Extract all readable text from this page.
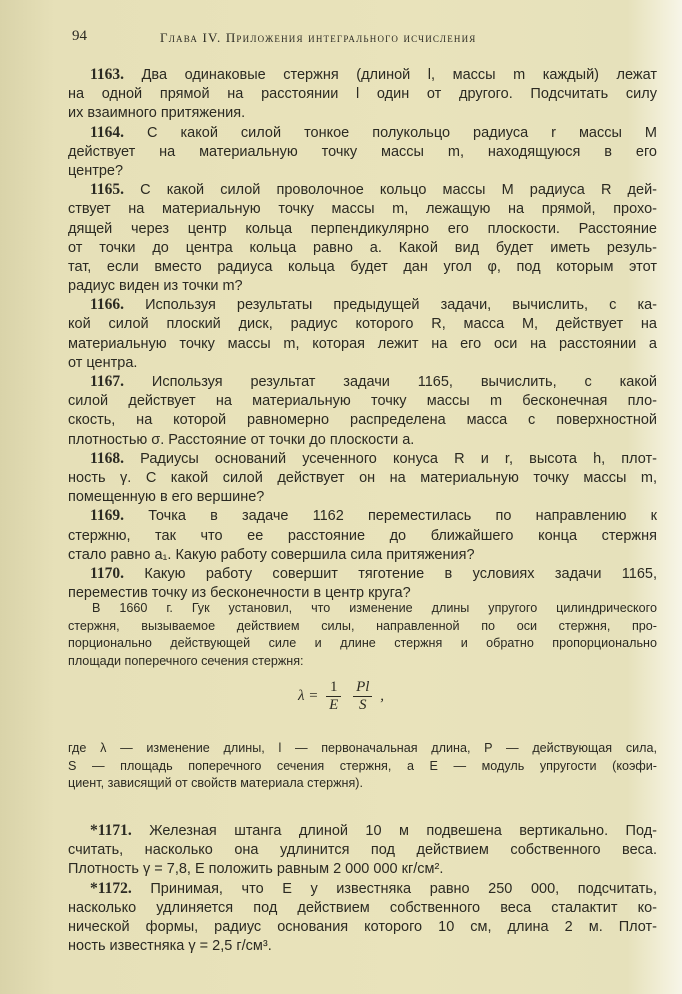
94	Глава IV. Приложения интегрального исчисления
1163. Два одинаковые стержня (длиной l, массы m каждый) лежат
на одной прямой на расстоянии l один от другого. Подсчитать силу
их взаимного притяжения.
1164. С какой силой тонкое полукольцо радиуса r массы M
действует на материальную точку массы m, находящуюся в его
центре?
1165. С какой силой проволочное кольцо массы M радиуса R дей-
ствует на материальную точку массы m, лежащую на прямой, прохо-
дящей через центр кольца перпендикулярно его плоскости. Расстояние
от точки до центра кольца равно a. Какой вид будет иметь резуль-
тат, если вместо радиуса кольца будет дан угол φ, под которым этот
радиус виден из точки m?
1166. Используя результаты предыдущей задачи, вычислить, с ка-
кой силой плоский диск, радиус которого R, масса M, действует на
материальную точку массы m, которая лежит на его оси на расстоянии a
от центра.
1167. Используя результат задачи 1165, вычислить, с какой
силой действует на материальную точку массы m бесконечная пло-
скость, на которой равномерно распределена масса с поверхностной
плотностью σ. Расстояние от точки до плоскости a.
1168. Радиусы оснований усеченного конуса R и r, высота h, плот-
ность γ. С какой силой действует он на материальную точку массы m,
помещенную в его вершине?
1169. Точка в задаче 1162 переместилась по направлению к
стержню, так что ее расстояние до ближайшего конца стержня
стало равно a₁. Какую работу совершила сила притяжения?
1170. Какую работу совершит тяготение в условиях задачи 1165,
переместив точку из бесконечности в центр круга?
В 1660 г. Гук установил, что изменение длины упругого цилиндрического
стержня, вызываемое действием силы, направленной по оси стержня, про-
порционально действующей силе и длине стержня и обратно пропорционально
площади поперечного сечения стержня:
$\lambda = \frac{1}{E}$
$\frac{Pl}{S}$ ,
где λ — изменение длины, l — первоначальная длина, P — действующая сила,
S — площадь поперечного сечения стержня, а E — модуль упругости (коэфи-
циент, зависящий от свойств материала стержня).
*1171. Железная штанга длиной 10 м подвешена вертикально. Под-
считать, насколько она удлинится под действием собственного веса.
Плотность γ = 7,8, E положить равным 2 000 000 кг/см².
*1172. Принимая, что E у известняка равно 250 000, подсчитать,
насколько удлиняется под действием собственного веса сталактит ко-
нической формы, радиус основания которого 10 см, длина 2 м. Плот-
ность известняка γ = 2,5 г/см³.
